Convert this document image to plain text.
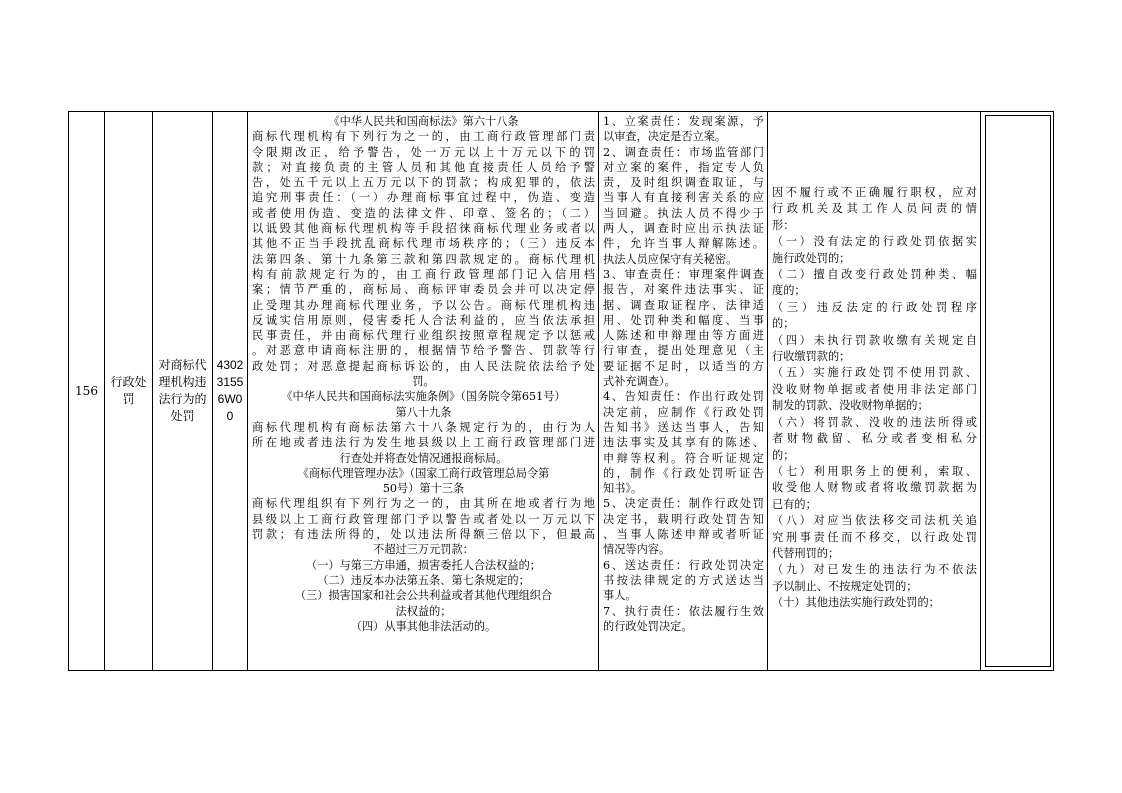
156
行政处
罚
对商标代
理机构违
法行为的
处罚
4302
3155
6W0
0
《中华人民共和国商标法》第六十八条
商标代理机构有下列行为之一的，由工商行政管理部门责
令限期改正，给予警告，处一万元以上十万元以下的罚
款；对直接负责的主管人员和其他直接责任人员给予警
告，处五千元以上五万元以下的罚款；构成犯罪的，依法
追究刑事责任：（一）办理商标事宜过程中，伪造、变造
或者使用伪造、变造的法律文件、印章、签名的；（二）
以诋毁其他商标代理机构等手段招徕商标代理业务或者以
其他不正当手段扰乱商标代理市场秩序的；（三）违反本
法第四条、第十九条第三款和第四款规定的。商标代理机
构有前款规定行为的，由工商行政管理部门记入信用档
案；情节严重的，商标局、商标评审委员会并可以决定停
止受理其办理商标代理业务，予以公告。商标代理机构违
反诚实信用原则，侵害委托人合法利益的，应当依法承担
民事责任，并由商标代理行业组织按照章程规定予以惩戒
。对恶意申请商标注册的，根据情节给予警告、罚款等行
政处罚；对恶意提起商标诉讼的，由人民法院依法给予处
罚。
《中华人民共和国商标法实施条例》（国务院令第651号）
第八十九条
商标代理机构有商标法第六十八条规定行为的，由行为人
所在地或者违法行为发生地县级以上工商行政管理部门进
行查处并将查处情况通报商标局。
《商标代理管理办法》（国家工商行政管理总局令第
50号）第十三条
商标代理组织有下列行为之一的，由其所在地或者行为地
县级以上工商行政管理部门予以警告或者处以一万元以下
罚款；有违法所得的，处以违法所得额三倍以下，但最高
不超过三万元罚款：
（一）与第三方串通，损害委托人合法权益的；
（二）违反本办法第五条、第七条规定的；
（三）损害国家和社会公共利益或者其他代理组织合
法权益的；
（四）从事其他非法活动的。
1、立案责任：发现案源，予
以审查，决定是否立案。
2、调查责任：市场监管部门
对立案的案件，指定专人负
责，及时组织调查取证，与
当事人有直接利害关系的应
当回避。执法人员不得少于
两人，调查时应出示执法证
件，允许当事人辩解陈述。
执法人员应保守有关秘密。
3、审查责任：审理案件调查
报告，对案件违法事实、证
据、调查取证程序、法律适
用、处罚种类和幅度、当事
人陈述和申辩理由等方面进
行审查，提出处理意见（主
要证据不足时，以适当的方
式补充调查）。
4、告知责任：作出行政处罚
决定前，应制作《行政处罚
告知书》送达当事人，告知
违法事实及其享有的陈述、
申辩等权利。符合听证规定
的，制作《行政处罚听证告
知书》。
5、决定责任：制作行政处罚
决定书，载明行政处罚告知
、当事人陈述申辩或者听证
情况等内容。
6、送达责任：行政处罚决定
书按法律规定的方式送达当
事人。
7、执行责任：依法履行生效
的行政处罚决定。
因不履行或不正确履行职权，应对
行政机关及其工作人员问责的情
形：
（一）没有法定的行政处罚依据实
施行政处罚的；
（二）擅自改变行政处罚种类、幅
度的；
（三）违反法定的行政处罚程序
的；
（四）未执行罚款收缴有关规定自
行收缴罚款的；
（五）实施行政处罚不使用罚款、
没收财物单据或者使用非法定部门
制发的罚款、没收财物单据的；
（六）将罚款、没收的违法所得或
者财物截留、私分或者变相私分
的；
（七）利用职务上的便利，索取、
收受他人财物或者将收缴罚款据为
已有的；
（八）对应当依法移交司法机关追
究刑事责任而不移交，以行政处罚
代替刑罚的；
（九）对已发生的违法行为不依法
予以制止、不按规定处罚的；
（十）其他违法实施行政处罚的；
